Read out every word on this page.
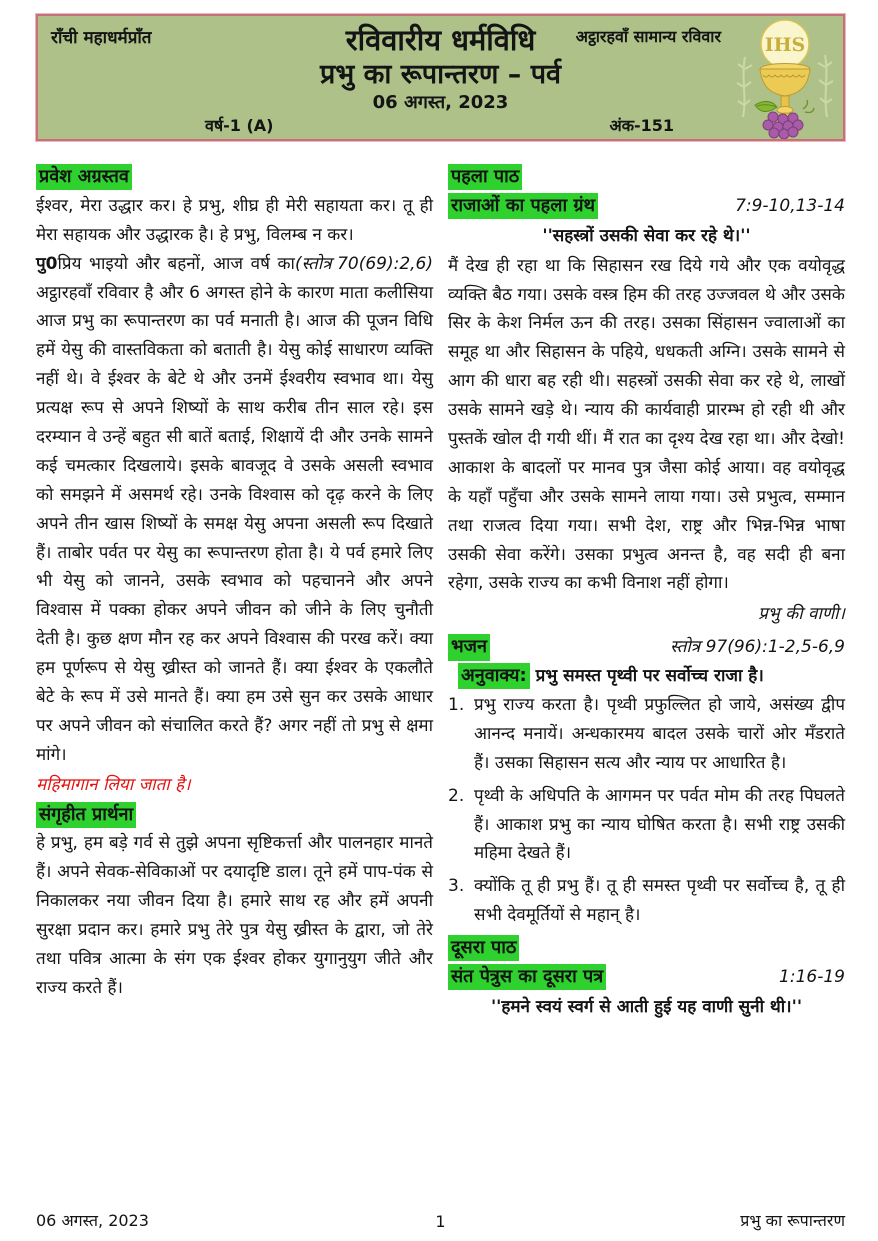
राँची महाधर्मप्राँत	अट्ठारहवाँ सामान्य रविवार
रविवारीय धर्मविधि
प्रभु का रूपान्तरण – पर्व
06 अगस्त, 2023
वर्ष-1 (A)	अंक-151
IHS

प्रवेश अग्रस्तव

ईश्वर, मेरा उद्धार कर। हे प्रभु, शीघ्र ही मेरी सहायता कर। तू ही मेरा सहायक और उद्धारक है। हे प्रभु, विलम्ब न कर।
(स्तोत्र 70(69):2,6)

पु0प्रिय भाइयो और बहनों, आज वर्ष का अट्ठारहवाँ रविवार है और 6 अगस्त होने के कारण माता कलीसिया आज प्रभु का रूपान्तरण का पर्व मनाती है। आज की पूजन विधि हमें येसु की वास्तविकता को बताती है। येसु कोई साधारण व्यक्ति नहीं थे। वे ईश्वर के बेटे थे और उनमें ईश्वरीय स्वभाव था। येसु प्रत्यक्ष रूप से अपने शिष्यों के साथ करीब तीन साल रहे। इस दरम्यान वे उन्हें बहुत सी बातें बताई, शिक्षायें दी और उनके सामने कई चमत्कार दिखलाये। इसके बावजूद वे उसके असली स्वभाव को समझने में असमर्थ रहे। उनके विश्वास को दृढ़ करने के लिए अपने तीन खास शिष्यों के समक्ष येसु अपना असली रूप दिखाते हैं। ताबोर पर्वत पर येसु का रूपान्तरण होता है। ये पर्व हमारे लिए भी येसु को जानने, उसके स्वभाव को पहचानने और अपने विश्वास में पक्का होकर अपने जीवन को जीने के लिए चुनौती देती है। कुछ क्षण मौन रह कर अपने विश्वास की परख करें। क्या हम पूर्णरूप से येसु ख्रीस्त को जानते हैं। क्या ईश्वर के एकलौते बेटे के रूप में उसे मानते हैं। क्या हम उसे सुन कर उसके आधार पर अपने जीवन को संचालित करते हैं? अगर नहीं तो प्रभु से क्षमा मांगे।

महिमागान लिया जाता है।

संगृहीत प्रार्थना

हे प्रभु, हम बड़े गर्व से तुझे अपना सृष्टिकर्त्ता और पालनहार मानते हैं। अपने सेवक-सेविकाओं पर दयादृष्टि डाल। तूने हमें पाप-पंक से निकालकर नया जीवन दिया है। हमारे साथ रह और हमें अपनी सुरक्षा प्रदान कर। हमारे प्रभु तेरे पुत्र येसु ख्रीस्त के द्वारा, जो तेरे तथा पवित्र आत्मा के संग एक ईश्वर होकर युगानुयुग जीते और राज्य करते हैं।

पहला पाठ

राजाओं का पहला ग्रंथ	7:9-10,13-14

''सहस्त्रों उसकी सेवा कर रहे थे।''

मैं देख ही रहा था कि सिहासन रख दिये गये और एक वयोवृद्ध व्यक्ति बैठ गया। उसके वस्त्र हिम की तरह उज्जवल थे और उसके सिर के केश निर्मल ऊन की तरह। उसका सिंहासन ज्वालाओं का समूह था और सिहासन के पहिये, धधकती अग्नि। उसके सामने से आग की धारा बह रही थी। सहस्त्रों उसकी सेवा कर रहे थे, लाखों उसके सामने खड़े थे। न्याय की कार्यवाही प्रारम्भ हो रही थी और पुस्तकें खोल दी गयी थीं। मैं रात का दृश्य देख रहा था। और देखो! आकाश के बादलों पर मानव पुत्र जैसा कोई आया। वह वयोवृद्ध के यहाँ पहुँचा और उसके सामने लाया गया। उसे प्रभुत्व, सम्मान तथा राजत्व दिया गया। सभी देश, राष्ट्र और भिन्न-भिन्न भाषा उसकी सेवा करेंगे। उसका प्रभुत्व अनन्त है, वह सदी ही बना रहेगा, उसके राज्य का कभी विनाश नहीं होगा।

प्रभु की वाणी।

भजन	स्तोत्र 97(96):1-2,5-6,9

अनुवाक्य: प्रभु समस्त पृथ्वी पर सर्वोच्च राजा है।

1. प्रभु राज्य करता है। पृथ्वी प्रफुल्लित हो जाये, असंख्य द्वीप आनन्द मनायें। अन्धकारमय बादल उसके चारों ओर मँडराते हैं। उसका सिहासन सत्य और न्याय पर आधारित है।
2. पृथ्वी के अधिपति के आगमन पर पर्वत मोम की तरह पिघलते हैं। आकाश प्रभु का न्याय घोषित करता है। सभी राष्ट्र उसकी महिमा देखते हैं।
3. क्योंकि तू ही प्रभु हैं। तू ही समस्त पृथ्वी पर सर्वोच्च है, तू ही सभी देवमूर्तियों से महान् है।

दूसरा पाठ

संत पेत्रुस का दूसरा पत्र	1:16-19

''हमने स्वयं स्वर्ग से आती हुई यह वाणी सुनी थी।''
06 अगस्त, 2023	1	प्रभु का रूपान्तरण
